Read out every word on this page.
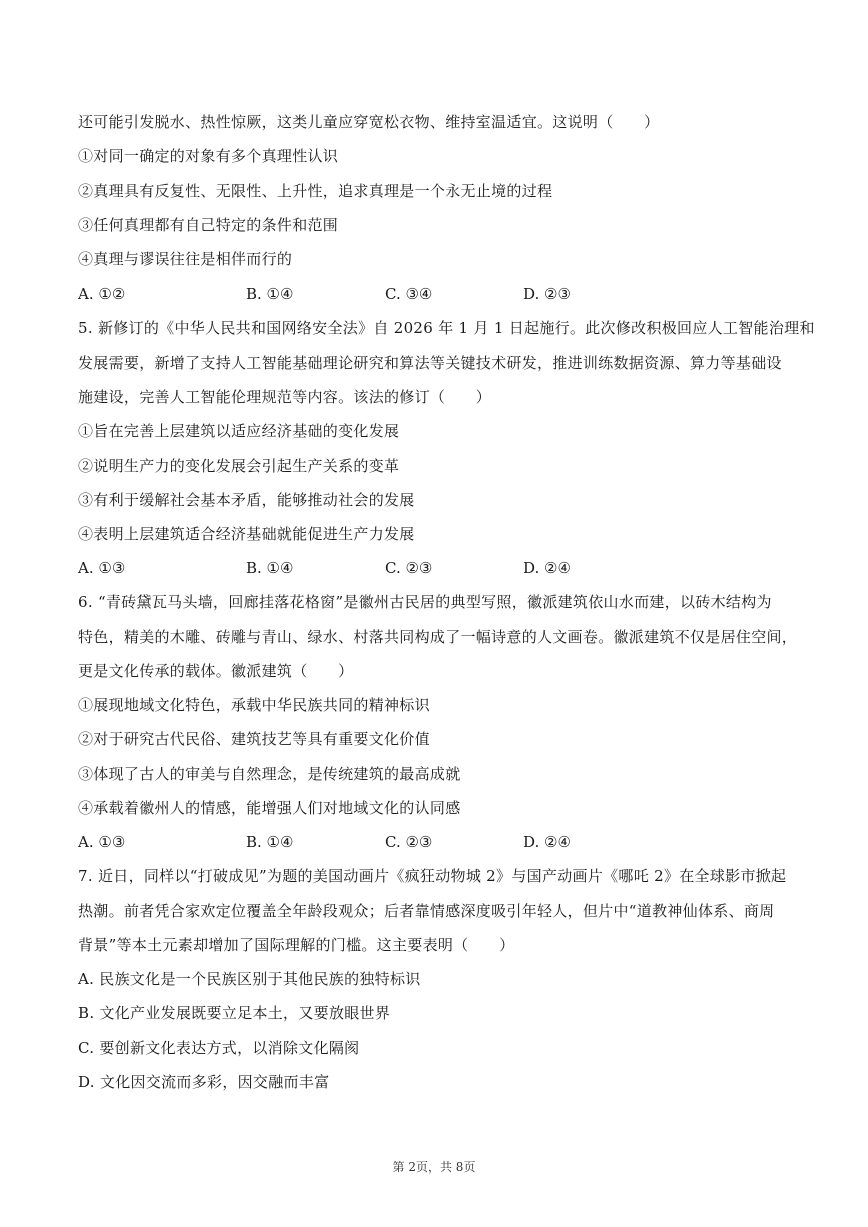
还可能引发脱水、热性惊厥，这类儿童应穿宽松衣物、维持室温适宜。这说明（　　）
①对同一确定的对象有多个真理性认识
②真理具有反复性、无限性、上升性，追求真理是一个永无止境的过程
③任何真理都有自己特定的条件和范围
④真理与谬误往往是相伴而行的
A. ①②	B. ①④	C. ③④	D. ②③
5. 新修订的《中华人民共和国网络安全法》自 2026 年 1 月 1 日起施行。此次修改积极回应人工智能治理和
发展需要，新增了支持人工智能基础理论研究和算法等关键技术研发，推进训练数据资源、算力等基础设
施建设，完善人工智能伦理规范等内容。该法的修订（　　）
①旨在完善上层建筑以适应经济基础的变化发展
②说明生产力的变化发展会引起生产关系的变革
③有利于缓解社会基本矛盾，能够推动社会的发展
④表明上层建筑适合经济基础就能促进生产力发展
A. ①③	B. ①④	C. ②③	D. ②④
6. “青砖黛瓦马头墙，回廊挂落花格窗”是徽州古民居的典型写照，徽派建筑依山水而建，以砖木结构为
特色，精美的木雕、砖雕与青山、绿水、村落共同构成了一幅诗意的人文画卷。徽派建筑不仅是居住空间，
更是文化传承的载体。徽派建筑（　　）
①展现地域文化特色，承载中华民族共同的精神标识
②对于研究古代民俗、建筑技艺等具有重要文化价值
③体现了古人的审美与自然理念，是传统建筑的最高成就
④承载着徽州人的情感，能增强人们对地域文化的认同感
A. ①③	B. ①④	C. ②③	D. ②④
7. 近日，同样以“打破成见”为题的美国动画片《疯狂动物城 2》与国产动画片《哪吒 2》在全球影市掀起
热潮。前者凭合家欢定位覆盖全年龄段观众；后者靠情感深度吸引年轻人，但片中“道教神仙体系、商周
背景”等本土元素却增加了国际理解的门槛。这主要表明（　　）
A. 民族文化是一个民族区别于其他民族的独特标识
B. 文化产业发展既要立足本土，又要放眼世界
C. 要创新文化表达方式，以消除文化隔阂
D. 文化因交流而多彩，因交融而丰富
第 2页，共 8页
